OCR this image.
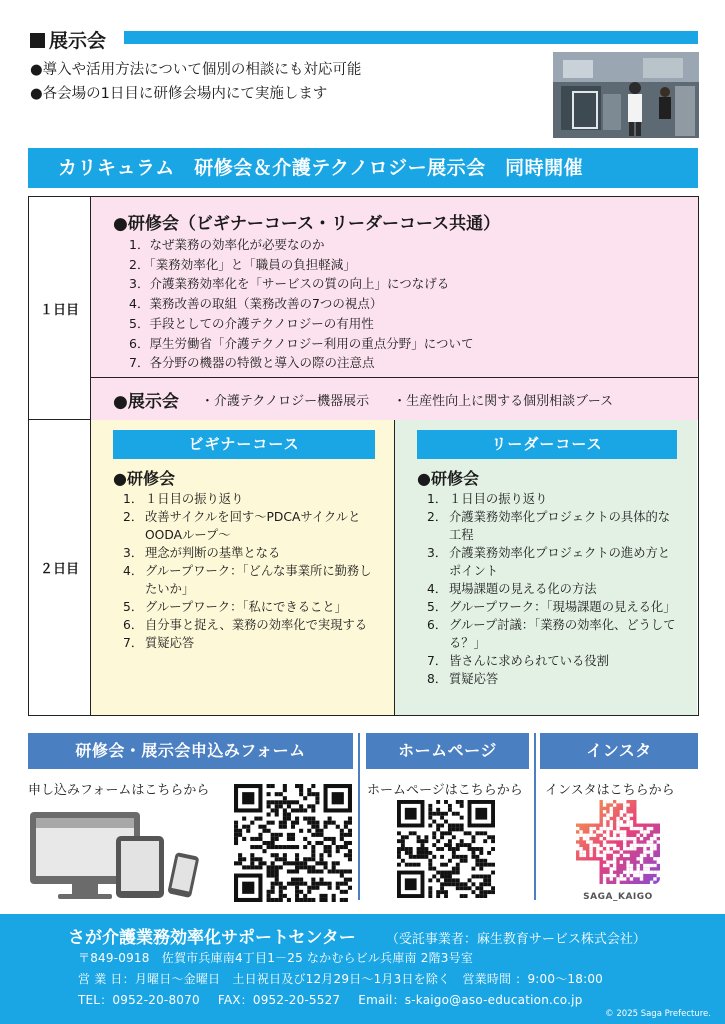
展示会
●導入や活用方法について個別の相談にも対応可能
●各会場の1日目に研修会場内にて実施します
カリキュラム　研修会＆介護テクノロジー展示会　同時開催
１日目
●研修会（ビギナーコース・リーダーコース共通）
1．なぜ業務の効率化が必要なのか
2．「業務効率化」と「職員の負担軽減」
3．介護業務効率化を「サービスの質の向上」につなげる
4．業務改善の取組（業務改善の7つの視点）
5．手段としての介護テクノロジーの有用性
6．厚生労働省「介護テクノロジー利用の重点分野」について
7．各分野の機器の特徴と導入の際の注意点
●展示会 ・介護テクノロジー機器展示 ・生産性向上に関する個別相談ブース
２日目
ビギナーコース
●研修会
1． １日目の振り返り
2． 改善サイクルを回す〜PDCAサイクルとOODAループ〜
3． 理念が判断の基準となる
4． グループワーク：「どんな事業所に勤務したいか」
5． グループワーク：「私にできること」
6． 自分事と捉え、業務の効率化で実現する
7． 質疑応答
リーダーコース
●研修会
1． １日目の振り返り
2． 介護業務効率化プロジェクトの具体的な工程
3． 介護業務効率化プロジェクトの進め方とポイント
4． 現場課題の見える化の方法
5． グループワーク：「現場課題の見える化」
6． グループ討議：「業務の効率化、どうしてる？」
7． 皆さんに求められている役割
8． 質疑応答
研修会・展示会申込みフォーム	ホームページ	インスタ
申し込みフォームはこちらから	ホームページはこちらから インスタはこちらから
SAGA_KAIGO
さが介護業務効率化サポートセンター （受託事業者：麻生教育サービス株式会社）
〒849-0918　佐賀市兵庫南4丁目1－25 なかむらビル兵庫南 2階3号室
営 業 日：月曜日〜金曜日　土日祝日及び12月29日〜1月3日を除く　営業時間 ：9:00〜18:00
TEL：0952-20-8070 FAX：0952-20-5527 Email：s-kaigo@aso-education.co.jp
© 2025 Saga Prefecture.
